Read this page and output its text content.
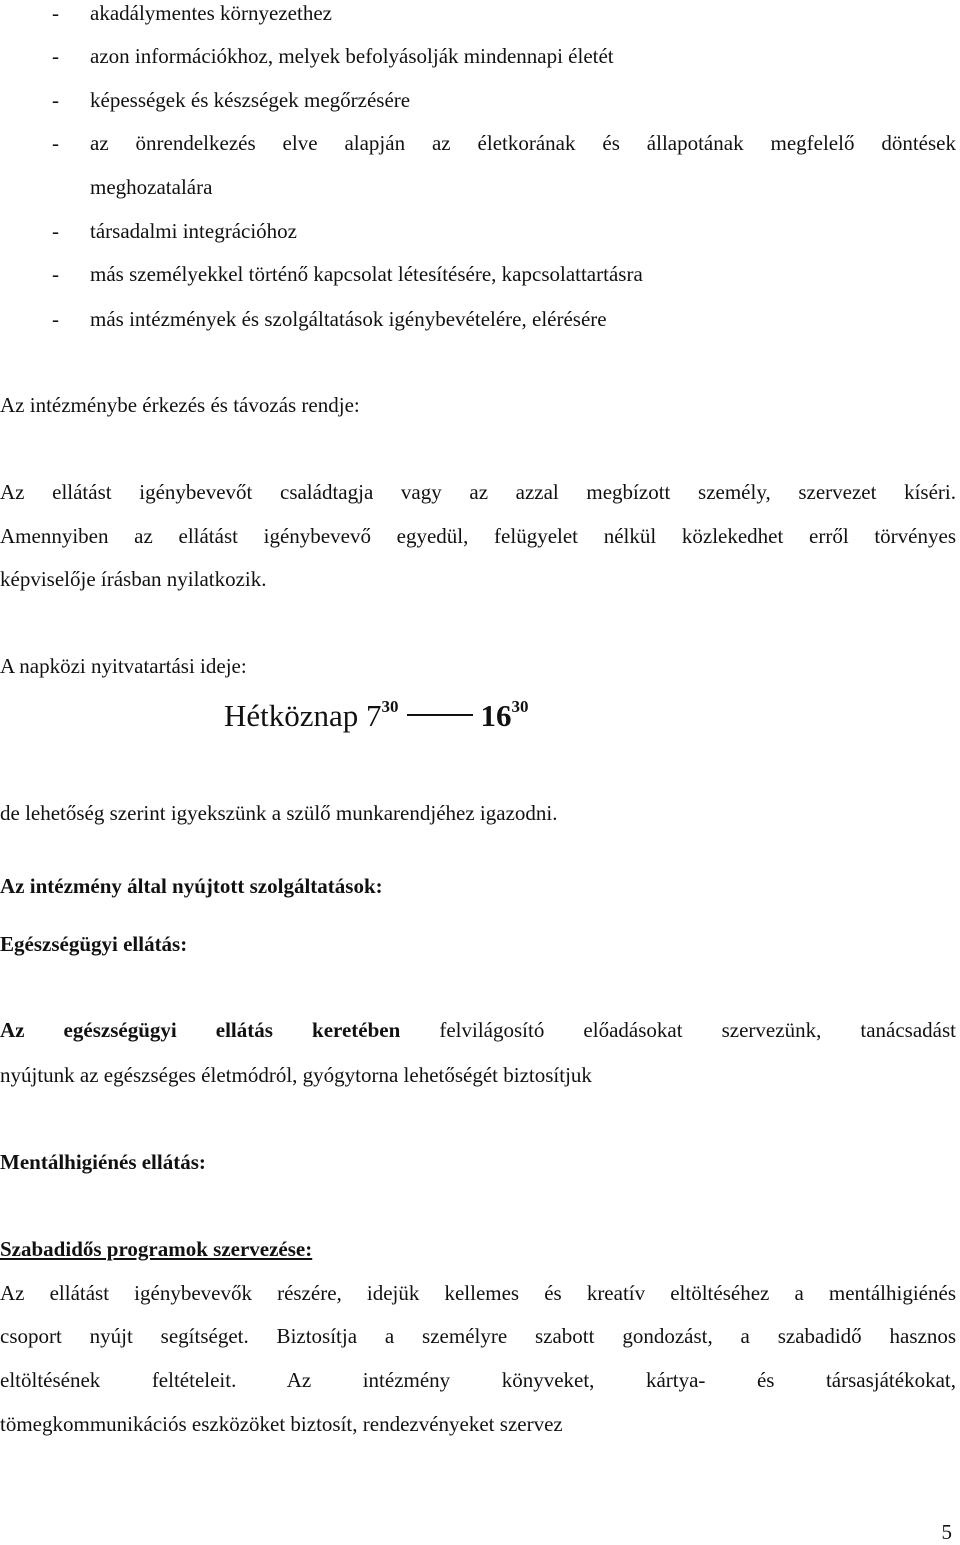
- akadálymentes környezethez
- azon információkhoz, melyek befolyásolják mindennapi életét
- képességek és készségek megőrzésére
- az önrendelkezés elve alapján az életkorának és állapotának megfelelő döntések
meghozatalára
- társadalmi integrációhoz
- más személyekkel történő kapcsolat létesítésére, kapcsolattartásra
- más intézmények és szolgáltatások igénybevételére, elérésére
Az intézménybe érkezés és távozás rendje:
Az ellátást igénybevevőt családtagja vagy az azzal megbízott személy, szervezet kíséri.
Amennyiben az ellátást igénybevevő egyedül, felügyelet nélkül közlekedhet erről törvényes
képviselője írásban nyilatkozik.
A napközi nyitvatartási ideje:
Hétköznap $7^{30}$	$16^{30}$
de lehetőség szerint igyekszünk a szülő munkarendjéhez igazodni.
Az intézmény által nyújtott szolgáltatások:
Egészségügyi ellátás:
Az egészségügyi ellátás keretében felvilágosító előadásokat szervezünk, tanácsadást
nyújtunk az egészséges életmódról, gyógytorna lehetőségét biztosítjuk
Mentálhigiénés ellátás:
Szabadidős programok szervezése:
Az ellátást igénybevevők részére, idejük kellemes és kreatív eltöltéséhez a mentálhigiénés
csoport nyújt segítséget. Biztosítja a személyre szabott gondozást, a szabadidő hasznos
eltöltésének feltételeit. Az intézmény könyveket, kártya- és társasjátékokat,
tömegkommunikációs eszközöket biztosít, rendezvényeket szervez
5
